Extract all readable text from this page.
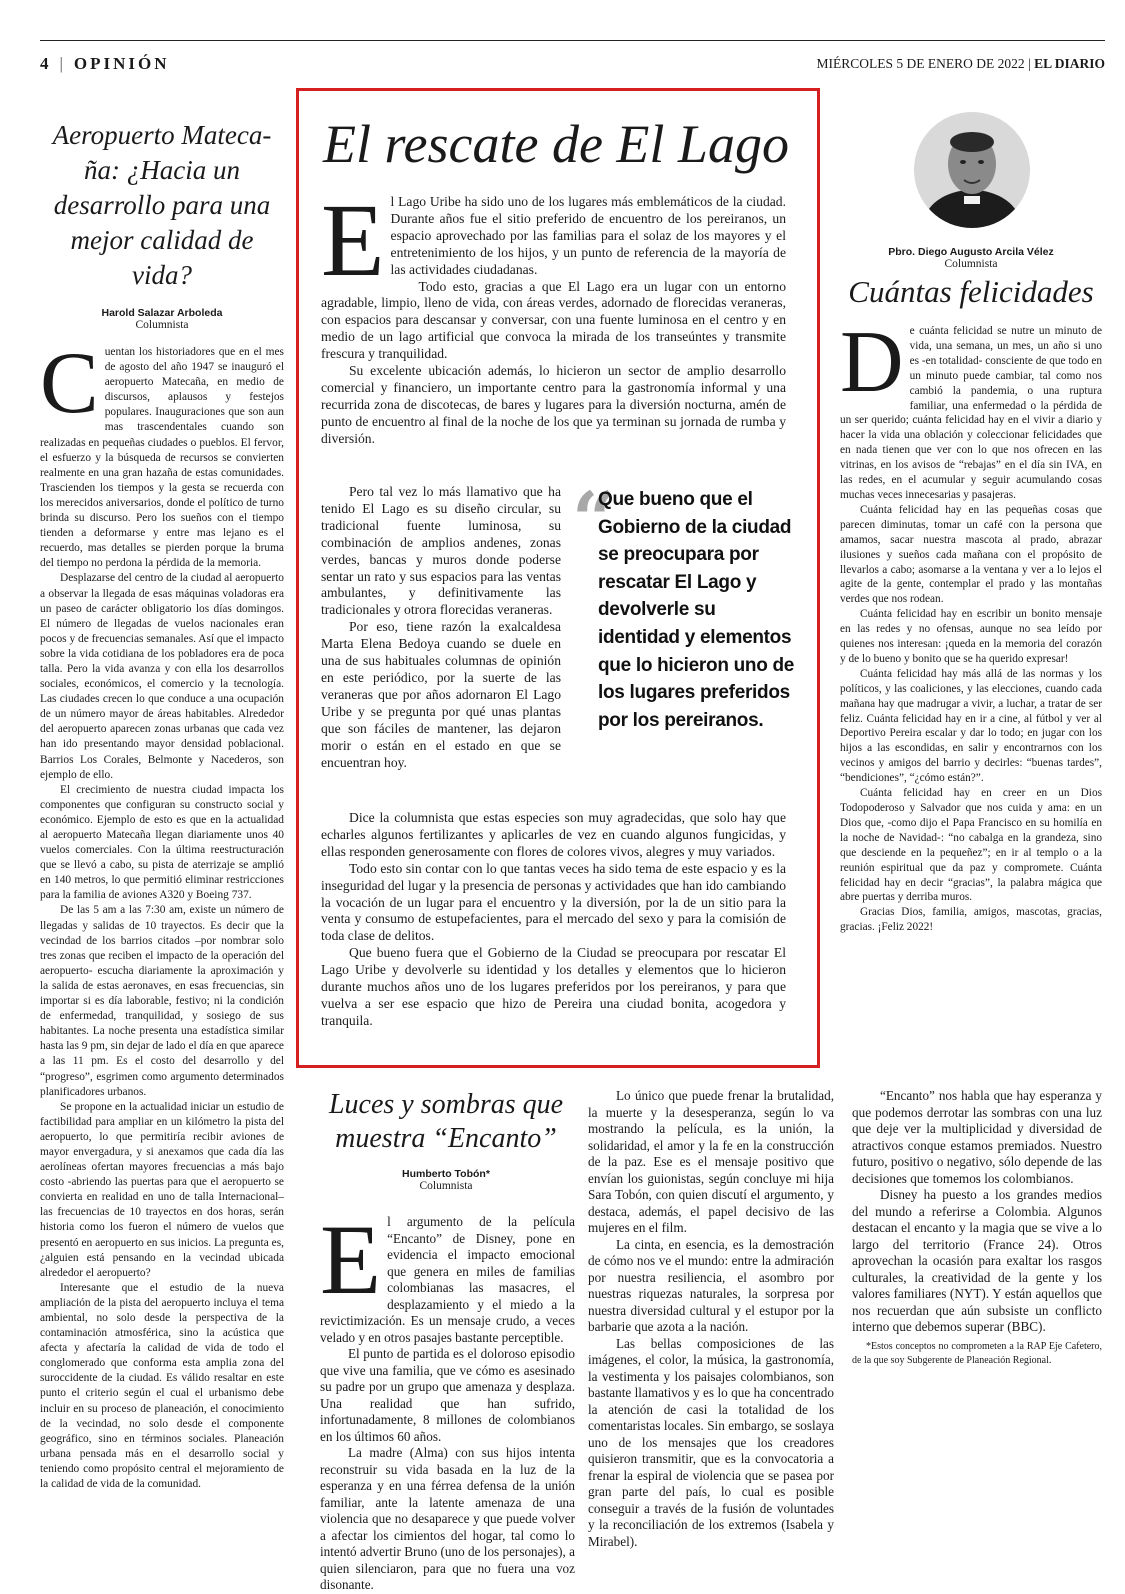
4 | OPINIÓN	MIÉRCOLES 5 DE ENERO DE 2022 | EL DIARIO
Aeropuerto Matecaña: ¿Hacia un desarrollo para una mejor calidad de vida?
Harold Salazar Arboleda
Columnista

Cuentan los historiadores que en el mes de agosto del año 1947 se inauguró el aeropuerto Matecaña, en medio de discursos, aplausos y festejos populares. Inauguraciones que son aun mas trascendentales cuando son realizadas en pequeñas ciudades o pueblos. El fervor, el esfuerzo y la búsqueda de recursos se convierten realmente en una gran hazaña de estas comunidades. Trascienden los tiempos y la gesta se recuerda con los merecidos aniversarios, donde el político de turno brinda su discurso. Pero los sueños con el tiempo tienden a deformarse y entre mas lejano es el recuerdo, mas detalles se pierden porque la bruma del tiempo no perdona la pérdida de la memoria.

Desplazarse del centro de la ciudad al aeropuerto a observar la llegada de esas máquinas voladoras era un paseo de carácter obligatorio los días domingos. El número de llegadas de vuelos nacionales eran pocos y de frecuencias semanales. Así que el impacto sobre la vida cotidiana de los pobladores era de poca talla. Pero la vida avanza y con ella los desarrollos sociales, económicos, el comercio y la tecnología. Las ciudades crecen lo que conduce a una ocupación de un número mayor de áreas habitables. Alrededor del aeropuerto aparecen zonas urbanas que cada vez han ido presentando mayor densidad poblacional. Barrios Los Corales, Belmonte y Nacederos, son ejemplo de ello.

El crecimiento de nuestra ciudad impacta los componentes que configuran su constructo social y económico. Ejemplo de esto es que en la actualidad al aeropuerto Matecaña llegan diariamente unos 40 vuelos comerciales. Con la última reestructuración que se llevó a cabo, su pista de aterrizaje se amplió en 140 metros, lo que permitió eliminar restricciones para la familia de aviones A320 y Boeing 737.

De las 5 am a las 7:30 am, existe un número de llegadas y salidas de 10 trayectos. Es decir que la vecindad de los barrios citados –por nombrar solo tres zonas que reciben el impacto de la operación del aeropuerto- escucha diariamente la aproximación y la salida de estas aeronaves, en esas frecuencias, sin importar si es día laborable, festivo; ni la condición de enfermedad, tranquilidad, y sosiego de sus habitantes. La noche presenta una estadística similar hasta las 9 pm, sin dejar de lado el día en que aparece a las 11 pm. Es el costo del desarrollo y del “progreso”, esgrimen como argumento determinados planificadores urbanos.

Se propone en la actualidad iniciar un estudio de factibilidad para ampliar en un kilómetro la pista del aeropuerto, lo que permitiría recibir aviones de mayor envergadura, y si anexamos que cada día las aerolíneas ofertan mayores frecuencias a más bajo costo -abriendo las puertas para que el aeropuerto se convierta en realidad en uno de talla Internacional– las frecuencias de 10 trayectos en dos horas, serán historia como los fueron el número de vuelos que presentó en aeropuerto en sus inicios. La pregunta es, ¿alguien está pensando en la vecindad ubicada alrededor el aeropuerto?

Interesante que el estudio de la nueva ampliación de la pista del aeropuerto incluya el tema ambiental, no solo desde la perspectiva de la contaminación atmosférica, sino la acústica que afecta y afectaría la calidad de vida de todo el conglomerado que conforma esta amplia zona del suroccidente de la ciudad. Es válido resaltar en este punto el criterio según el cual el urbanismo debe incluir en su proceso de planeación, el conocimiento de la vecindad, no solo desde el componente geográfico, sino en términos sociales. Planeación urbana pensada más en el desarrollo social y teniendo como propósito central el mejoramiento de la calidad de vida de la comunidad.

El rescate de El Lago

El Lago Uribe ha sido uno de los lugares más emblemáticos de la ciudad. Durante años fue el sitio preferido de encuentro de los pereiranos, un espacio aprovechado por las familias para el solaz de los mayores y el entretenimiento de los hijos, y un punto de referencia de la mayoría de las actividades ciudadanas.

Todo esto, gracias a que El Lago era un lugar con un entorno agradable, limpio, lleno de vida, con áreas verdes, adornado de florecidas veraneras, con espacios para descansar y conversar, con una fuente luminosa en el centro y en medio de un lago artificial que convoca la mirada de los transeúntes y transmite frescura y tranquilidad.

Su excelente ubicación además, lo hicieron un sector de amplio desarrollo comercial y financiero, un importante centro para la gastronomía informal y una recurrida zona de discotecas, de bares y lugares para la diversión nocturna, amén de punto de encuentro al final de la noche de los que ya terminan su jornada de rumba y diversión.

Pero tal vez lo más llamativo que ha tenido El Lago es su diseño circular, su tradicional fuente luminosa, su combinación de amplios andenes, zonas verdes, bancas y muros donde poderse sentar un rato y sus espacios para las ventas ambulantes, y definitivamente las tradicionales y otrora florecidas veraneras.

Por eso, tiene razón la exalcaldesa Marta Elena Bedoya cuando se duele en una de sus habituales columnas de opinión en este periódico, por la suerte de las veraneras que por años adornaron El Lago Uribe y se pregunta por qué unas plantas que son fáciles de mantener, las dejaron morir o están en el estado en que se encuentran hoy.

“
Que bueno que el Gobierno de la ciudad se preocupara por rescatar El Lago y devolverle su identidad y elementos que lo hicieron uno de los lugares preferidos por los pereiranos.

Dice la columnista que estas especies son muy agradecidas, que solo hay que echarles algunos fertilizantes y aplicarles de vez en cuando algunos fungicidas, y ellas responden generosamente con flores de colores vivos, alegres y muy variados.

Todo esto sin contar con lo que tantas veces ha sido tema de este espacio y es la inseguridad del lugar y la presencia de personas y actividades que han ido cambiando la vocación de un lugar para el encuentro y la diversión, por la de un sitio para la venta y consumo de estupefacientes, para el mercado del sexo y para la comisión de toda clase de delitos.

Que bueno fuera que el Gobierno de la Ciudad se preocupara por rescatar El Lago Uribe y devolverle su identidad y los detalles y elementos que lo hicieron durante muchos años uno de los lugares preferidos por los pereiranos, y para que vuelva a ser ese espacio que hizo de Pereira una ciudad bonita, acogedora y tranquila.

Pbro. Diego Augusto Arcila Vélez
Columnista
Cuántas felicidades

De cuánta felicidad se nutre un minuto de vida, una semana, un mes, un año si uno es -en totalidad- consciente de que todo en un minuto puede cambiar, tal como nos cambió la pandemia, o una ruptura familiar, una enfermedad o la pérdida de un ser querido; cuánta felicidad hay en el vivir a diario y hacer la vida una oblación y coleccionar felicidades que en nada tienen que ver con lo que nos ofrecen en las vitrinas, en los avisos de “rebajas” en el día sin IVA, en las redes, en el acumular y seguir acumulando cosas muchas veces innecesarias y pasajeras.

Cuánta felicidad hay en las pequeñas cosas que parecen diminutas, tomar un café con la persona que amamos, sacar nuestra mascota al prado, abrazar ilusiones y sueños cada mañana con el propósito de llevarlos a cabo; asomarse a la ventana y ver a lo lejos el agite de la gente, contemplar el prado y las montañas verdes que nos rodean.

Cuánta felicidad hay en escribir un bonito mensaje en las redes y no ofensas, aunque no sea leído por quienes nos interesan: ¡queda en la memoria del corazón y de lo bueno y bonito que se ha querido expresar!

Cuánta felicidad hay más allá de las normas y los políticos, y las coaliciones, y las elecciones, cuando cada mañana hay que madrugar a vivir, a luchar, a tratar de ser feliz. Cuánta felicidad hay en ir a cine, al fútbol y ver al Deportivo Pereira escalar y dar lo todo; en jugar con los hijos a las escondidas, en salir y encontrarnos con los vecinos y amigos del barrio y decirles: “buenas tardes”, “bendiciones”, “¿cómo están?”.

Cuánta felicidad hay en creer en un Dios Todopoderoso y Salvador que nos cuida y ama: en un Dios que, -como dijo el Papa Francisco en su homilía en la noche de Navidad-: “no cabalga en la grandeza, sino que desciende en la pequeñez”; en ir al templo o a la reunión espiritual que da paz y compromete. Cuánta felicidad hay en decir “gracias”, la palabra mágica que abre puertas y derriba muros.

Gracias Dios, familia, amigos, mascotas, gracias, gracias. ¡Feliz 2022!

Luces y sombras que muestra “Encanto”
Humberto Tobón*
Columnista

El argumento de la película “Encanto” de Disney, pone en evidencia el impacto emocional que genera en miles de familias colombianas las masacres, el desplazamiento y el miedo a la revictimización. Es un mensaje crudo, a veces velado y en otros pasajes bastante perceptible.

El punto de partida es el doloroso episodio que vive una familia, que ve cómo es asesinado su padre por un grupo que amenaza y desplaza. Una realidad que han sufrido, infortunadamente, 8 millones de colombianos en los últimos 60 años.

La madre (Alma) con sus hijos intenta reconstruir su vida basada en la luz de la esperanza y en una férrea defensa de la unión familiar, ante la latente amenaza de una violencia que no desaparece y que puede volver a afectar los cimientos del hogar, tal como lo intentó advertir Bruno (uno de los personajes), a quien silenciaron, para que no fuera una voz disonante.

Lo único que puede frenar la brutalidad, la muerte y la desesperanza, según lo va mostrando la película, es la unión, la solidaridad, el amor y la fe en la construcción de la paz. Ese es el mensaje positivo que envían los guionistas, según concluye mi hija Sara Tobón, con quien discutí el argumento, y destaca, además, el papel decisivo de las mujeres en el film.

La cinta, en esencia, es la demostración de cómo nos ve el mundo: entre la admiración por nuestra resiliencia, el asombro por nuestras riquezas naturales, la sorpresa por nuestra diversidad cultural y el estupor por la barbarie que azota a la nación.

Las bellas composiciones de las imágenes, el color, la música, la gastronomía, la vestimenta y los paisajes colombianos, son bastante llamativos y es lo que ha concentrado la atención de casi la totalidad de los comentaristas locales. Sin embargo, se soslaya uno de los mensajes que los creadores quisieron transmitir, que es la convocatoria a frenar la espiral de violencia que se pasea por gran parte del país, lo cual es posible conseguir a través de la fusión de voluntades y la reconciliación de los extremos (Isabela y Mirabel).

“Encanto” nos habla que hay esperanza y que podemos derrotar las sombras con una luz que deje ver la multiplicidad y diversidad de atractivos conque estamos premiados. Nuestro futuro, positivo o negativo, sólo depende de las decisiones que tomemos los colombianos.

Disney ha puesto a los grandes medios del mundo a referirse a Colombia. Algunos destacan el encanto y la magia que se vive a lo largo del territorio (France 24). Otros aprovechan la ocasión para exaltar los rasgos culturales, la creatividad de la gente y los valores familiares (NYT). Y están aquellos que nos recuerdan que aún subsiste un conflicto interno que debemos superar (BBC).

*Estos conceptos no comprometen a la RAP Eje Cafetero, de la que soy Subgerente de Planeación Regional.
